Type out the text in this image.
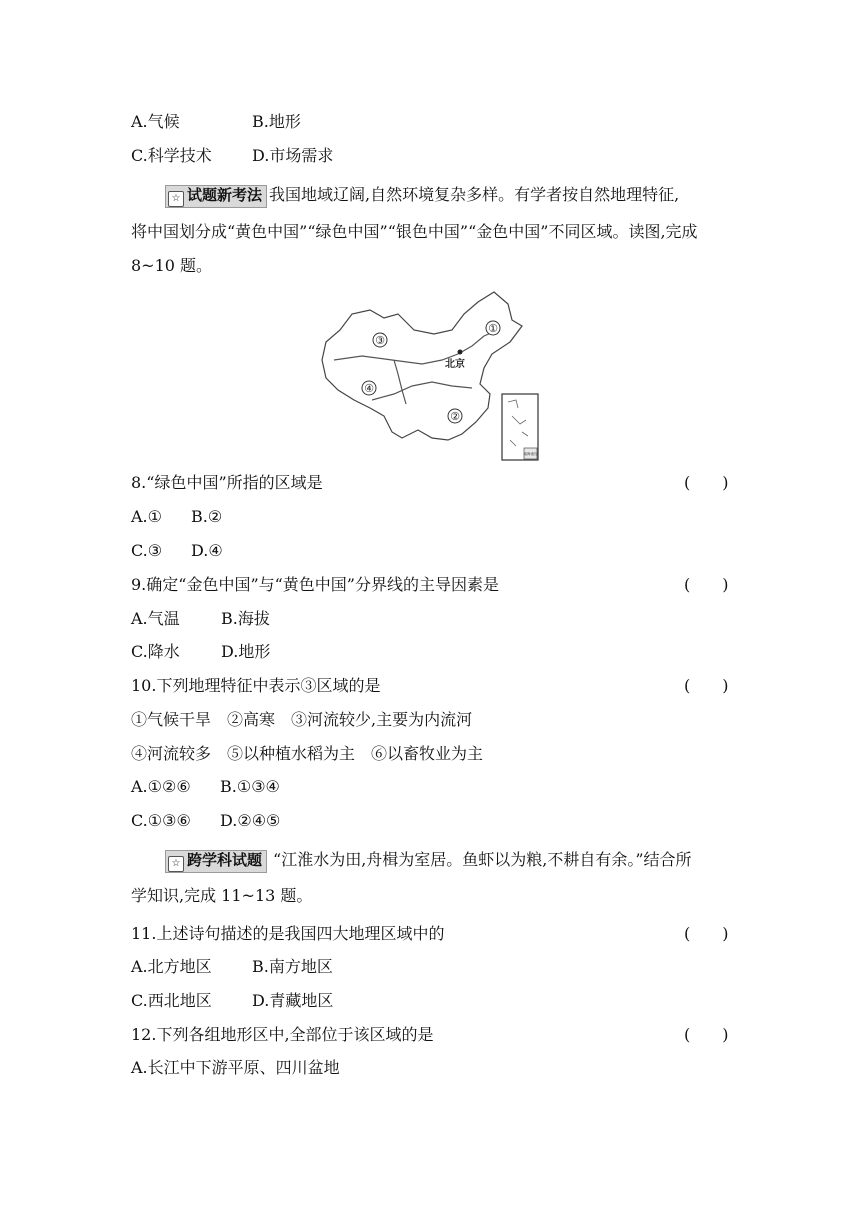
A.气候	B.地形
C.科学技术	D.市场需求
☆ 试题新考法 我国地域辽阔,自然环境复杂多样。有学者按自然地理特征,
将中国划分成“黄色中国”“绿色中国”“银色中国”“金色中国”不同区域。读图,完成
8~10 题。
①
②
③
④
北京
南海诸岛
8.“绿色中国”所指的区域是	(　　)
A.① B.②
C.③ D.④
9.确定“金色中国”与“黄色中国”分界线的主导因素是	(　　)
A.气温	B.海拔
C.降水	D.地形
10.下列地理特征中表示③区域的是	(　　)
①气候干旱　②高寒　③河流较少,主要为内流河
④河流较多　⑤以种植水稻为主　⑥以畜牧业为主
A.①②⑥ B.①③④
C.①③⑥ D.②④⑤
☆ 跨学科试题 “江淮水为田,舟楫为室居。鱼虾以为粮,不耕自有余。”结合所
学知识,完成 11~13 题。
11.上述诗句描述的是我国四大地理区域中的	(　　)
A.北方地区	B.南方地区
C.西北地区	D.青藏地区
12.下列各组地形区中,全部位于该区域的是	(　　)
A.长江中下游平原、四川盆地
